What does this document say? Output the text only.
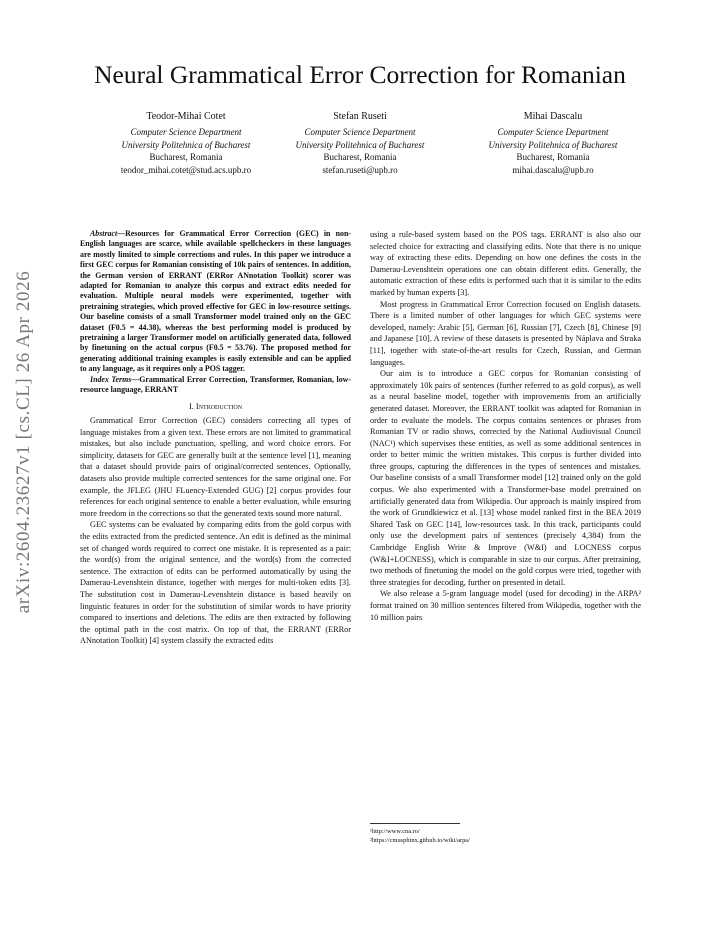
arXiv:2604.23627v1 [cs.CL] 26 Apr 2026
Neural Grammatical Error Correction for Romanian
Teodor-Mihai Cotet
Computer Science Department
University Politehnica of Bucharest
Bucharest, Romania
teodor_mihai.cotet@stud.acs.upb.ro
Stefan Ruseti
Computer Science Department
University Politehnica of Bucharest
Bucharest, Romania
stefan.ruseti@upb.ro
Mihai Dascalu
Computer Science Department
University Politehnica of Bucharest
Bucharest, Romania
mihai.dascalu@upb.ro

Abstract—Resources for Grammatical Error Correction (GEC) in non-English languages are scarce, while available spellcheckers in these languages are mostly limited to simple corrections and rules. In this paper we introduce a first GEC corpus for Romanian consisting of 10k pairs of sentences. In addition, the German version of ERRANT (ERRor ANnotation Toolkit) scorer was adapted for Romanian to analyze this corpus and extract edits needed for evaluation. Multiple neural models were experimented, together with pretraining strategies, which proved effective for GEC in low-resource settings. Our baseline consists of a small Transformer model trained only on the GEC dataset (F0.5 = 44.38), whereas the best performing model is produced by pretraining a larger Transformer model on artificially generated data, followed by finetuning on the actual corpus (F0.5 = 53.76). The proposed method for generating additional training examples is easily extensible and can be applied to any language, as it requires only a POS tagger.

Index Terms—Grammatical Error Correction, Transformer, Romanian, low-resource language, ERRANT

I. Introduction

Grammatical Error Correction (GEC) considers correcting all types of language mistakes from a given text. These errors are not limited to grammatical mistakes, but also include punctuation, spelling, and word choice errors. For simplicity, datasets for GEC are generally built at the sentence level [1], meaning that a dataset should provide pairs of original/corrected sentences. Optionally, datasets also provide multiple corrected sentences for the same original one. For example, the JFLEG (JHU FLuency-Extended GUG) [2] corpus provides four references for each original sentence to enable a better evaluation, while ensuring more freedom in the corrections so that the generated texts sound more natural.

GEC systems can be evaluated by comparing edits from the gold corpus with the edits extracted from the predicted sentence. An edit is defined as the minimal set of changed words required to correct one mistake. It is represented as a pair: the word(s) from the original sentence, and the word(s) from the corrected sentence. The extraction of edits can be performed automatically by using the Damerau-Levenshtein distance, together with merges for multi-token edits [3]. The substitution cost in Damerau-Levenshtein distance is based heavily on linguistic features in order for the substitution of similar words to have priority compared to insertions and deletions. The edits are then extracted by following the optimal path in the cost matrix. On top of that, the ERRANT (ERRor ANnotation Toolkit) [4] system classify the extracted edits

using a rule-based system based on the POS tags. ERRANT is also also our selected choice for extracting and classifying edits. Note that there is no unique way of extracting these edits. Depending on how one defines the costs in the Damerau-Levenshtein operations one can obtain different edits. Generally, the automatic extraction of these edits is performed such that it is similar to the edits marked by human experts [3].

Most progress in Grammatical Error Correction focused on English datasets. There is a limited number of other languages for which GEC systems were developed, namely: Arabic [5], German [6], Russian [7], Czech [8], Chinese [9] and Japanese [10]. A review of these datasets is presented by Náplava and Straka [11], together with state-of-the-art results for Czech, Russian, and German languages.

Our aim is to introduce a GEC corpus for Romanian consisting of approximately 10k pairs of sentences (further referred to as gold corpus), as well as a neural baseline model, together with improvements from an artificially generated dataset. Moreover, the ERRANT toolkit was adapted for Romanian in order to evaluate the models. The corpus contains sentences or phrases from Romanian TV or radio shows, corrected by the National Audiovisual Council (NAC¹) which supervises these entities, as well as some additional sentences in order to better mimic the written mistakes. This corpus is further divided into three groups, capturing the differences in the types of sentences and mistakes. Our baseline consists of a small Transformer model [12] trained only on the gold corpus. We also experimented with a Transformer-base model pretrained on artificially generated data from Wikipedia. Our approach is mainly inspired from the work of Grundkiewicz et al. [13] whose model ranked first in the BEA 2019 Shared Task on GEC [14], low-resources task. In this track, participants could only use the development pairs of sentences (precisely 4,384) from the Cambridge English Write & Improve (W&I) and LOCNESS corpus (W&I+LOCNESS), which is comparable in size to our corpus. After pretraining, two methods of finetuning the model on the gold corpus were tried, together with three strategies for decoding, further on presented in detail.

We also release a 5-gram language model (used for decoding) in the ARPA² format trained on 30 million sentences filtered from Wikipedia, together with the 10 million pairs

¹http://www.cna.ro/
²https://cmusphinx.github.io/wiki/arpa/
